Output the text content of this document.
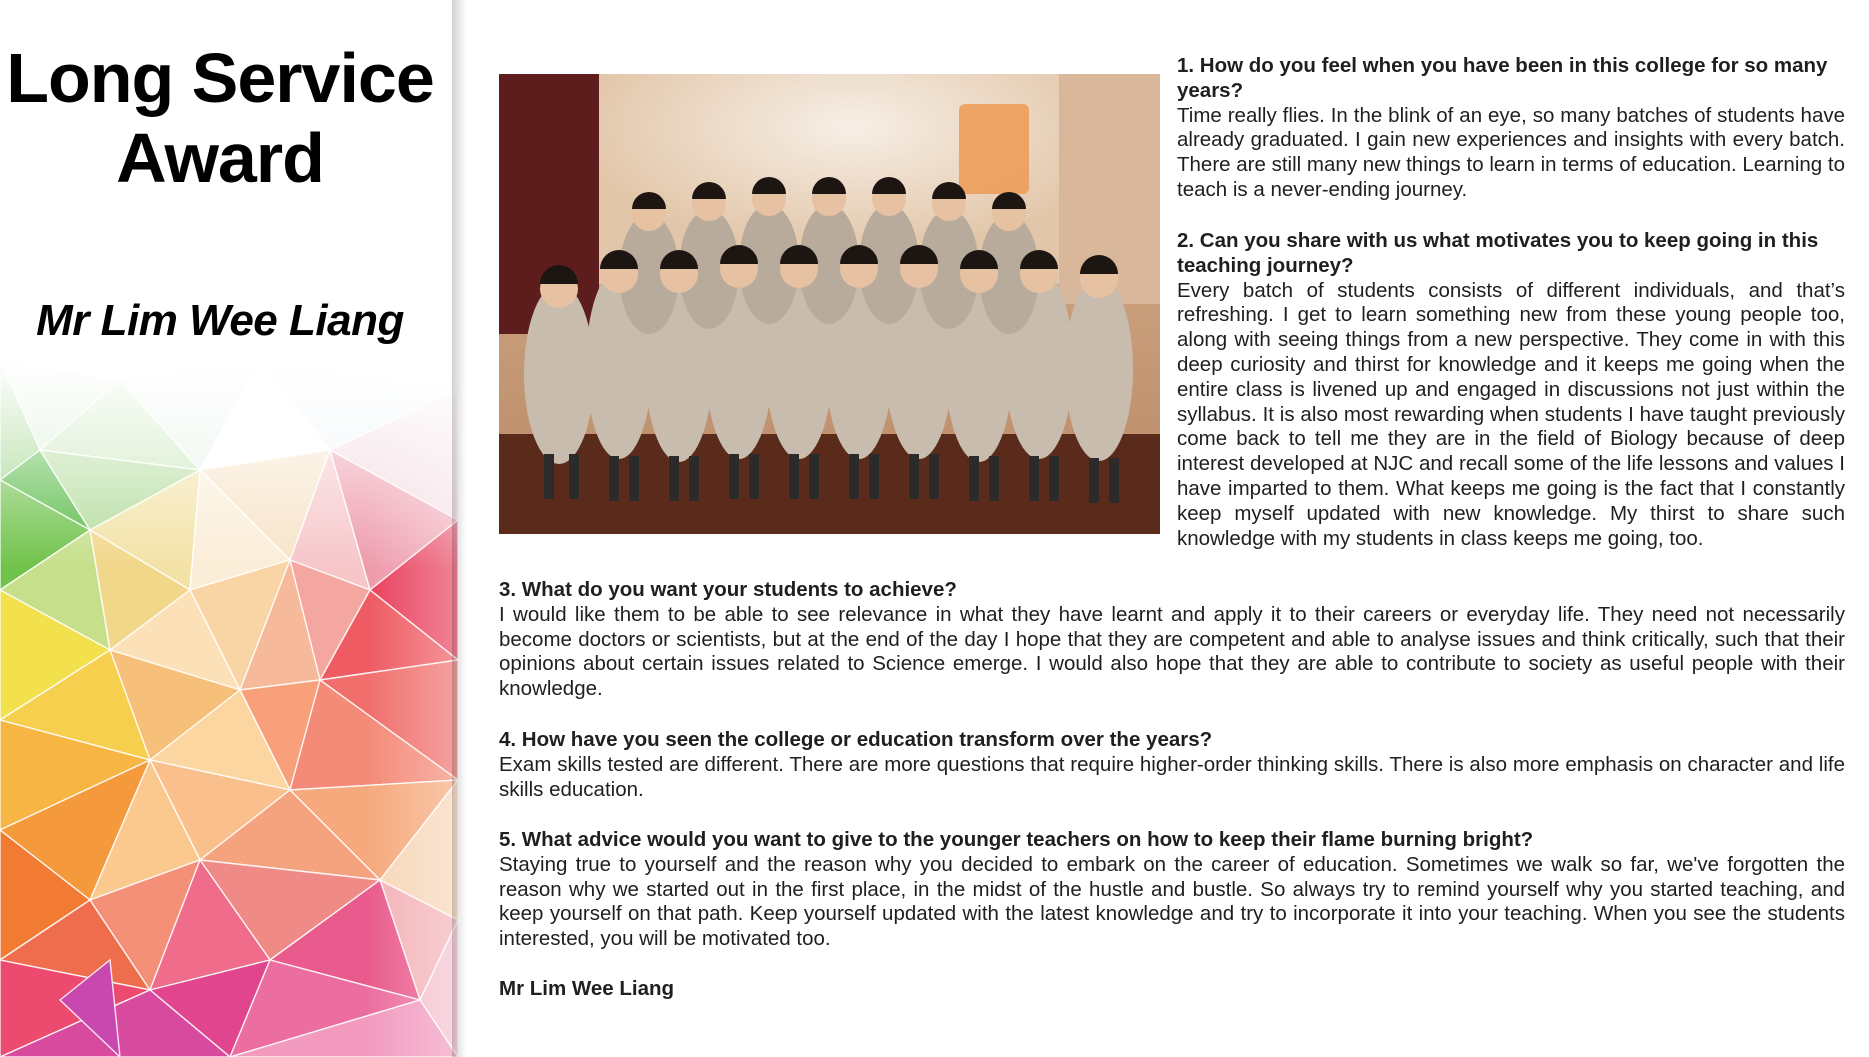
Long Service
Award
Mr Lim Wee Liang
1. How do you feel when you have been in this college for so many years?
Time really flies. In the blink of an eye, so many batches of students have already graduated. I gain new experiences and insights with every batch. There are still many new things to learn in terms of education. Learning to teach is a never-ending journey.
2. Can you share with us what motivates you to keep going in this teaching journey?
Every batch of students consists of different individuals, and that’s refreshing. I get to learn something new from these young people too, along with seeing things from a new perspective. They come in with this deep curiosity and thirst for knowledge and it keeps me going when the entire class is livened up and engaged in discussions not just within the syllabus. It is also most rewarding when students I have taught previously come back to tell me they are in the field of Biology because of deep interest developed at NJC and recall some of the life lessons and values I have imparted to them. What keeps me going is the fact that I constantly keep myself updated with new knowledge. My thirst to share such knowledge with my students in class keeps me going, too.
3. What do you want your students to achieve?
I would like them to be able to see relevance in what they have learnt and apply it to their careers or everyday life. They need not necessarily become doctors or scientists, but at the end of the day I hope that they are competent and able to analyse issues and think critically, such that their opinions about certain issues related to Science emerge. I would also hope that they are able to contribute to society as useful people with their knowledge.
4. How have you seen the college or education transform over the years?
Exam skills tested are different. There are more questions that require higher-order thinking skills. There is also more emphasis on character and life skills education.
5. What advice would you want to give to the younger teachers on how to keep their flame burning bright?
Staying true to yourself and the reason why you decided to embark on the career of education. Sometimes we walk so far, we've forgotten the reason why we started out in the first place, in the midst of the hustle and bustle. So always try to remind yourself why you started teaching, and keep yourself on that path. Keep yourself updated with the latest knowledge and try to incorporate it into your teaching. When you see the students interested, you will be motivated too.
Mr Lim Wee Liang
